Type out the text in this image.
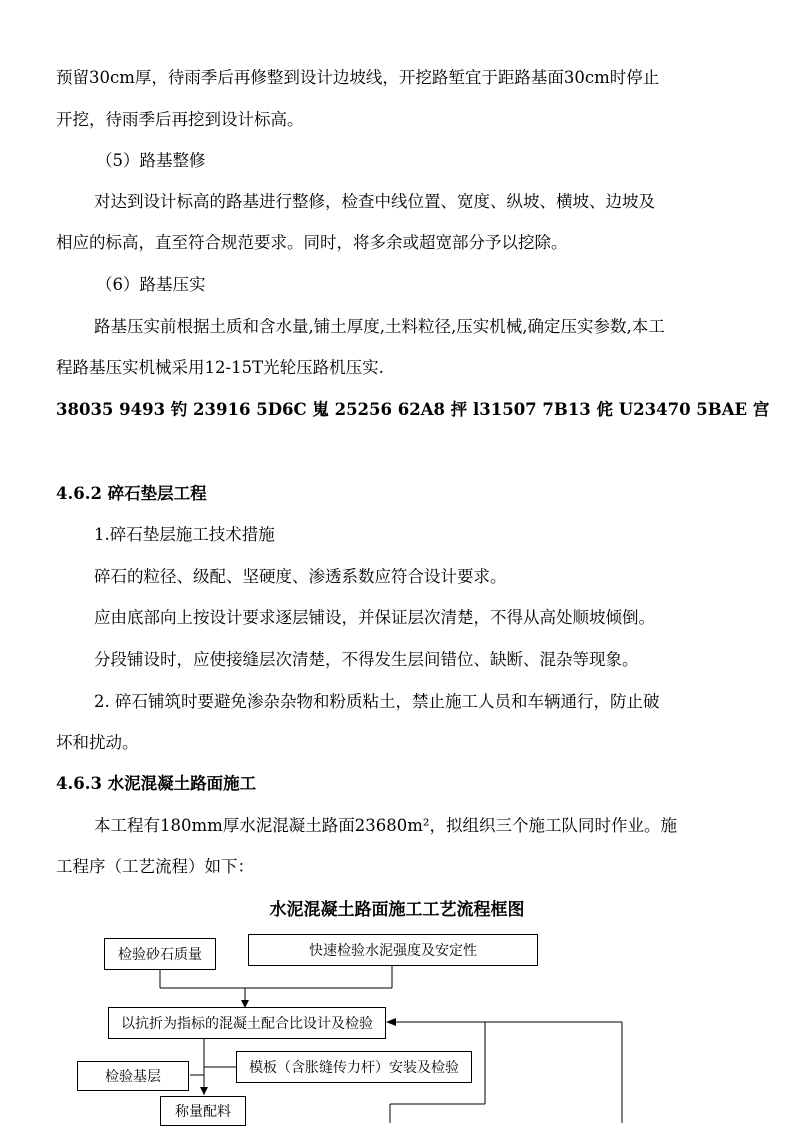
预留30cm厚，待雨季后再修整到设计边坡线，开挖路堑宜于距路基面30cm时停止
开挖，待雨季后再挖到设计标高。
（5）路基整修
对达到设计标高的路基进行整修，检查中线位置、宽度、纵坡、横坡、边坡及
相应的标高，直至符合规范要求。同时，将多余或超宽部分予以挖除。
（6）路基压实
路基压实前根据土质和含水量,铺土厚度,土料粒径,压实机械,确定压实参数,本工
程路基压实机械采用12-15T光轮压路机压实.
38035 9493 钓 23916 5D6C 嵬 25256 62A8 抨 l31507 7B13 侂 U23470 5BAE 宫
4.6.2 碎石垫层工程
1.碎石垫层施工技术措施
碎石的粒径、级配、坚硬度、渗透系数应符合设计要求。
应由底部向上按设计要求逐层铺设，并保证层次清楚，不得从高处顺坡倾倒。
分段铺设时，应使接缝层次清楚，不得发生层间错位、缺断、混杂等现象。
2. 碎石铺筑时要避免渗杂杂物和粉质粘土，禁止施工人员和车辆通行，防止破
坏和扰动。
4.6.3 水泥混凝土路面施工
本工程有180mm厚水泥混凝土路面23680m²，拟组织三个施工队同时作业。施
工程序（工艺流程）如下：
水泥混凝土路面施工工艺流程框图
检验砂石质量	快速检验水泥强度及安定性
以抗折为指标的混凝土配合比设计及检验
模板（含胀缝传力杆）安装及检验
检验基层
称量配料
